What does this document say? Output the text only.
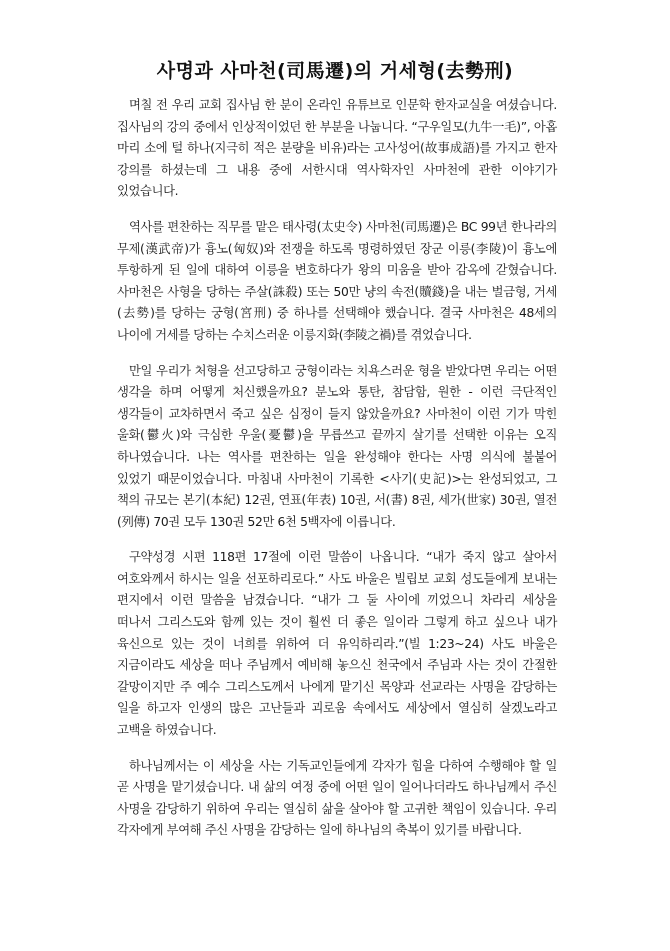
사명과 사마천(司馬遷)의 거세형(去勢刑)

며칠 전 우리 교회 집사님 한 분이 온라인 유튜브로 인문학 한자교실을 여셨습니다. 집사님의 강의 중에서 인상적이었던 한 부분을 나눕니다. “구우일모(九牛一毛)”, 아홉 마리 소에 털 하나(지극히 적은 분량을 비유)라는 고사성어(故事成語)를 가지고 한자 강의를 하셨는데 그 내용 중에 서한시대 역사학자인 사마천에 관한 이야기가 있었습니다.

역사를 편찬하는 직무를 맡은 태사령(太史令) 사마천(司馬遷)은 BC 99년 한나라의 무제(漢武帝)가 흉노(匈奴)와 전쟁을 하도록 명령하였던 장군 이릉(李陵)이 흉노에 투항하게 된 일에 대하여 이릉을 변호하다가 왕의 미움을 받아 감옥에 갇혔습니다. 사마천은 사형을 당하는 주살(誅殺) 또는 50만 냥의 속전(贖錢)을 내는 벌금형, 거세(去勢)를 당하는 궁형(宮刑) 중 하나를 선택해야 했습니다. 결국 사마천은 48세의 나이에 거세를 당하는 수치스러운 이릉지화(李陵之禍)를 겪었습니다.

만일 우리가 처형을 선고당하고 궁형이라는 치욕스러운 형을 받았다면 우리는 어떤 생각을 하며 어떻게 처신했을까요? 분노와 통탄, 참담함, 원한 - 이런 극단적인 생각들이 교차하면서 죽고 싶은 심정이 들지 않았을까요? 사마천이 이런 기가 막힌 울화(鬱火)와 극심한 우울(憂鬱)을 무릅쓰고 끝까지 살기를 선택한 이유는 오직 하나였습니다. 나는 역사를 편찬하는 일을 완성해야 한다는 사명 의식에 불붙어 있었기 때문이었습니다. 마침내 사마천이 기록한 <사기(史記)>는 완성되었고, 그 책의 규모는 본기(本紀) 12권, 연표(年表) 10권, 서(書) 8권, 세가(世家) 30권, 열전(列傳) 70권 모두 130권 52만 6천 5백자에 이릅니다.

구약성경 시편 118편 17절에 이런 말씀이 나옵니다. “내가 죽지 않고 살아서 여호와께서 하시는 일을 선포하리로다.” 사도 바울은 빌립보 교회 성도들에게 보내는 편지에서 이런 말씀을 남겼습니다. “내가 그 둘 사이에 끼었으니 차라리 세상을 떠나서 그리스도와 함께 있는 것이 훨씬 더 좋은 일이라 그렇게 하고 싶으나 내가 육신으로 있는 것이 너희를 위하여 더 유익하리라.”(빌 1:23~24) 사도 바울은 지금이라도 세상을 떠나 주님께서 예비해 놓으신 천국에서 주님과 사는 것이 간절한 갈망이지만 주 예수 그리스도께서 나에게 맡기신 목양과 선교라는 사명을 감당하는 일을 하고자 인생의 많은 고난들과 괴로움 속에서도 세상에서 열심히 살겠노라고 고백을 하였습니다.

하나님께서는 이 세상을 사는 기독교인들에게 각자가 힘을 다하여 수행해야 할 일 곧 사명을 맡기셨습니다. 내 삶의 여정 중에 어떤 일이 일어나더라도 하나님께서 주신 사명을 감당하기 위하여 우리는 열심히 삶을 살아야 할 고귀한 책임이 있습니다. 우리 각자에게 부여해 주신 사명을 감당하는 일에 하나님의 축복이 있기를 바랍니다.
